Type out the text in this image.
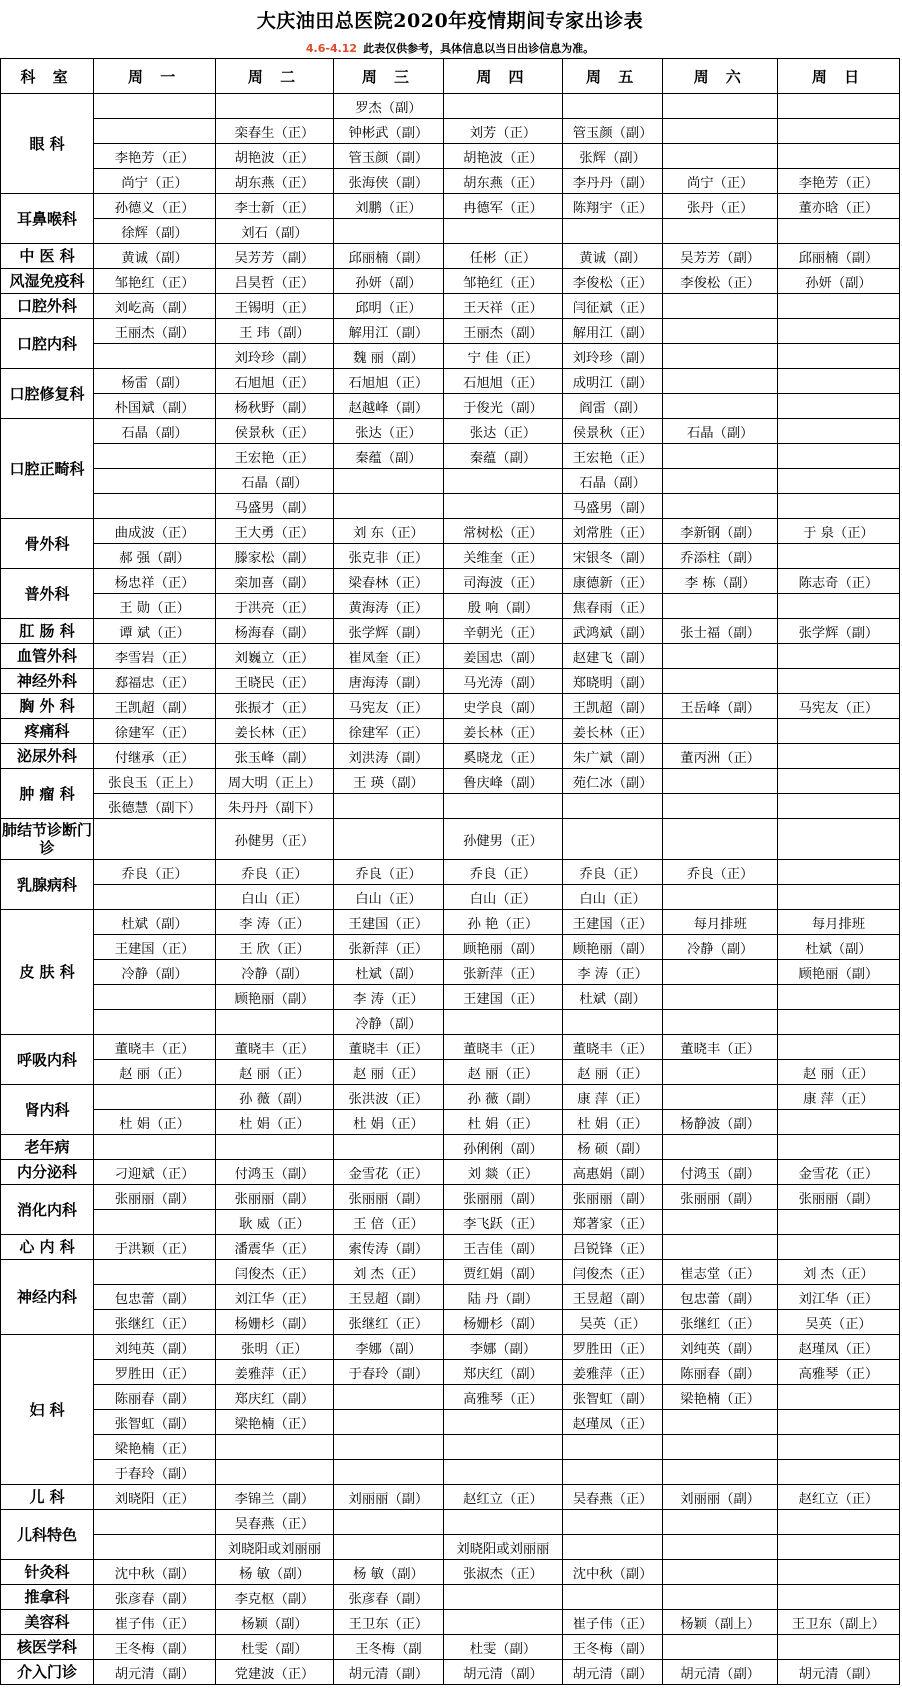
大庆油田总医院2020年疫情期间专家出诊表
4.6-4.12 此表仅供参考，具体信息以当日出诊信息为准。
科 室	周 一	周 二	周 三	周 四	周 五	周 六	周 日
眼 科			罗杰（副）				
		栾春生（正）	钟彬武（副）	刘芳（正）	管玉颜（副）		
	李艳芳（正）	胡艳波（正）	管玉颜（副）	胡艳波（正）	张辉（副）		
	尚宁（正）	胡东燕（正）	张海侠（副）	胡东燕（正）	李丹丹（副）	尚宁（正）	李艳芳（正）
耳鼻喉科	孙德义（正）	李士新（正）	刘鹏（正）	冉德军（正）	陈翔宇（正）	张丹（正）	董亦晗（正）
	徐辉（副）	刘石（副）					
中 医 科	黄诚（副）	吴芳芳（副）	邱丽楠（副）	任彬（正）	黄诚（副）	吴芳芳（副）	邱丽楠（副）
风湿免疫科	邹艳红（正）	吕昊哲（正）	孙妍（副）	邹艳红（正）	李俊松（正）	李俊松（正）	孙妍（副）
口腔外科	刘屹高（副）	王锡明（正）	邱明（正）	王天祥（正）	闫征斌（正）		
口腔内科	王丽杰（副）	王 玮（副）	解用江（副）	王丽杰（副）	解用江（副）		
		刘玲珍（副）	魏 丽（副）	宁 佳（正）	刘玲珍（副）		
口腔修复科	杨雷（副）	石旭旭（正）	石旭旭（正）	石旭旭（正）	成明江（副）		
	朴国斌（副）	杨秋野（副）	赵越峰（副）	于俊光（副）	阎雷（副）		
口腔正畸科	石晶（副）	侯景秋（正）	张达（正）	张达（正）	侯景秋（正）	石晶（副）	
		王宏艳（正）	秦蕴（副）	秦蕴（副）	王宏艳（正）		
		石晶（副）			石晶（副）		
		马盛男（副）			马盛男（副）		
骨外科	曲成波（正）	王大勇（正）	刘 东（正）	常树松（正）	刘常胜（正）	李新钢（副）	于 泉（正）
	郝 强（副）	滕家松（副）	张克非（正）	关维奎（正）	宋银冬（副）	乔添柱（副）	
普外科	杨忠祥（正）	栾加喜（副）	梁春林（正）	司海波（正）	康德新（正）	李 栋（副）	陈志奇（正）
	王 勋（正）	于洪亮（正）	黄海涛（正）	殷 响（副）	焦春雨（正）		
肛 肠 科	谭 斌（正）	杨海春（副）	张学辉（副）	辛朝光（正）	武鸿斌（副）	张士福（副）	张学辉（副）
血管外科	李雪岩（正）	刘巍立（正）	崔凤奎（正）	姜国忠（副）	赵建飞（副）		
神经外科	郄福忠（正）	王晓民（正）	唐海涛（副）	马光涛（副）	郑晓明（副）		
胸 外 科	王凯超（副）	张振才（正）	马宪友（正）	史学良（副）	王凯超（副）	王岳峰（副）	马宪友（正）
疼痛科	徐建军（正）	姜长林（正）	徐建军（正）	姜长林（正）	姜长林（正）		
泌尿外科	付继承（正）	张玉峰（副）	刘洪涛（副）	奚晓龙（正）	朱广斌（副）	董丙洲（正）	
肿 瘤 科	张良玉（正上）	周大明（正上）	王 瑛（副）	鲁庆峰（副）	苑仁冰（副）		
	张德慧（副下）	朱丹丹（副下）					
肺结节诊断门诊		孙健男（正）		孙健男（正）			
乳腺病科	乔良（正）	乔良（正）	乔良（正）	乔良（正）	乔良（正）	乔良（正）	
		白山（正）	白山（正）	白山（正）	白山（正）		
皮 肤 科	杜斌（副）	李 涛（正）	王建国（正）	孙 艳（正）	王建国（正）	每月排班	每月排班
	王建国（正）	王 欣（正）	张新萍（正）	顾艳丽（副）	顾艳丽（副）	冷静（副）	杜斌（副）
	冷静（副）	冷静（副）	杜斌（副）	张新萍（正）	李 涛（正）		顾艳丽（副）
		顾艳丽（副）	李 涛（正）	王建国（正）	杜斌（副）		
			冷静（副）				
呼吸内科	董晓丰（正）	董晓丰（正）	董晓丰（正）	董晓丰（正）	董晓丰（正）	董晓丰（正）	
	赵 丽（正）	赵 丽（正）	赵 丽（正）	赵 丽（正）	赵 丽（正）		赵 丽（正）
肾内科		孙 薇（副）	张洪波（正）	孙 薇（副）	康 萍（正）		康 萍（正）
	杜 娟（正）	杜 娟（正）	杜 娟（正）	杜 娟（正）	杜 娟（正）	杨静波（副）	
老年病				孙俐俐（副）	杨 硕（副）		
内分泌科	刁迎斌（正）	付鸿玉（副）	金雪花（正）	刘 燚（正）	高惠娟（副）	付鸿玉（副）	金雪花（正）
消化内科	张丽丽（副）	张丽丽（副）	张丽丽（副）	张丽丽（副）	张丽丽（副）	张丽丽（副）	张丽丽（副）
		耿 威（正）	王 倍（正）	李飞跃（正）	郑著家（正）		
心 内 科	于洪颖（正）	潘震华（正）	索传涛（副）	王吉佳（副）	吕锐锋（正）		
神经内科		闫俊杰（正）	刘 杰（正）	贾红娟（副）	闫俊杰（正）	崔志堂（正）	刘 杰（正）
	包忠蕾（副）	刘江华（正）	王昱超（副）	陆 丹（副）	王昱超（副）	包忠蕾（副）	刘江华（正）
	张继红（正）	杨姗杉（副）	张继红（正）	杨姗杉（副）	吴英（正）	张继红（正）	吴英（正）
妇 科	刘纯英（副）	张明（正）	李娜（副）	李娜（副）	罗胜田（正）	刘纯英（副）	赵瑾凤（正）
	罗胜田（正）	姜雅萍（正）	于春玲（副）	郑庆红（副）	姜雅萍（正）	陈丽春（副）	高雅琴（正）
	陈丽春（副）	郑庆红（副）		高雅琴（正）	张智虹（副）	梁艳楠（正）	
	张智虹（副）	梁艳楠（正）			赵瑾凤（正）		
	梁艳楠（正）						
	于春玲（副）						
儿 科	刘晓阳（正）	李锦兰（副）	刘丽丽（副）	赵红立（正）	吴春燕（正）	刘丽丽（副）	赵红立（正）
儿科特色		吴春燕（正）					
		刘晓阳或刘丽丽		刘晓阳或刘丽丽			
针灸科	沈中秋（副）	杨 敏（副）	杨 敏（副）	张淑杰（正）	沈中秋（副）		
推拿科	张彦春（副）	李克枢（副）	张彦春（副）				
美容科	崔子伟（正）	杨颖（副）	王卫东（正）		崔子伟（正）	杨颖（副上）	王卫东（副上）
核医学科	王冬梅（副）	杜雯（副）	王冬梅（副	杜雯（副）	王冬梅（副）		
介入门诊	胡元清（副）	党建波（正）	胡元清（副）	胡元清（副）	胡元清（副）	胡元清（副）	胡元清（副）
